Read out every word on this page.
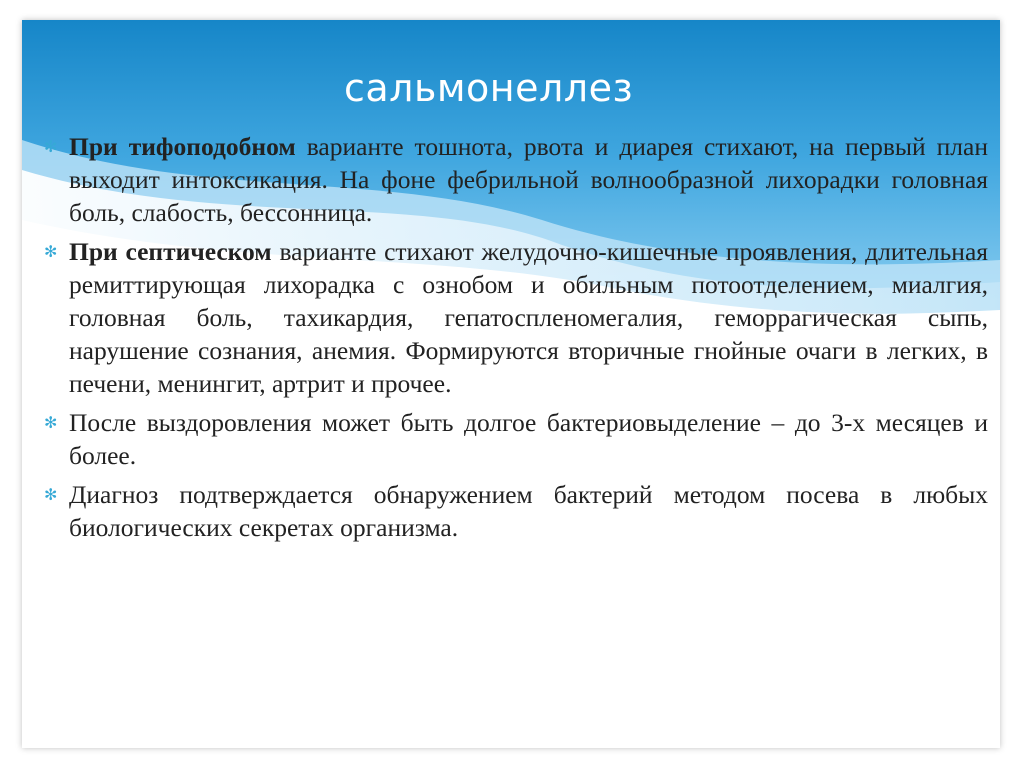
сальмонеллез
✻ При тифоподобном варианте тошнота, рвота и диарея стихают, на первый план выходит интоксикация. На фоне фебрильной волнообразной лихорадки головная боль, слабость, бессонница.
✻ При септическом варианте стихают желудочно-кишечные проявления, длительная ремиттирующая лихорадка с ознобом и обильным потоотделением, миалгия, головная боль, тахикардия, гепатоспленомегалия, геморрагическая сыпь, нарушение сознания, анемия. Формируются вторичные гнойные очаги в легких, в печени, менингит, артрит и прочее.
✻ После выздоровления может быть долгое бактериовыделение – до 3-х месяцев и более.
✻ Диагноз подтверждается обнаружением бактерий методом посева в любых биологических секретах организма.
